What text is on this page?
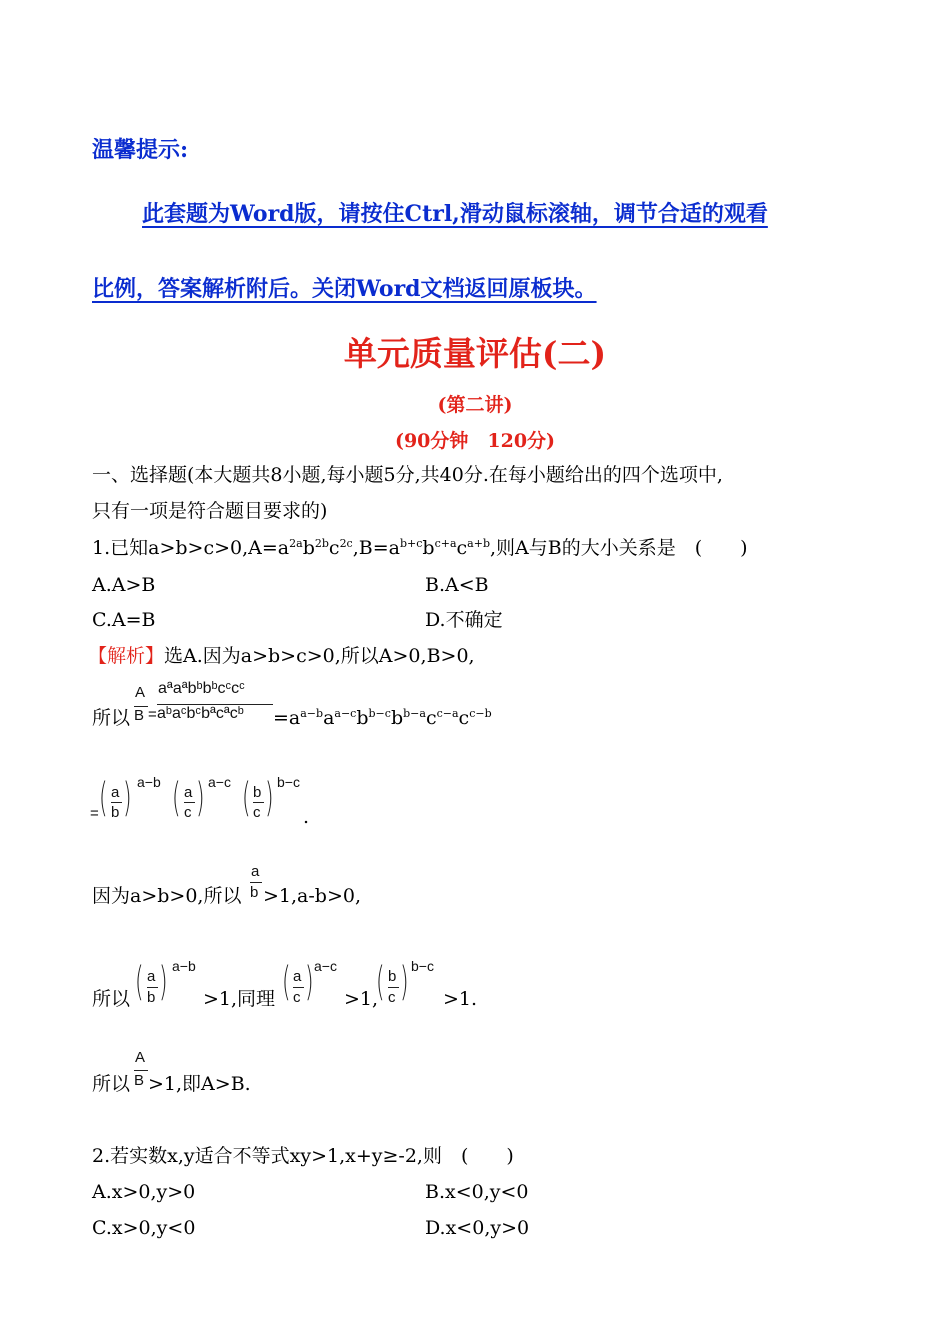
温馨提示:
此套题为Word版，请按住Ctrl,滑动鼠标滚轴，调节合适的观看
比例，答案解析附后。关闭Word文档返回原板块。
单元质量评估(二)
(第二讲)
(90分钟　120分)
一、选择题(本大题共8小题,每小题5分,共40分.在每小题给出的四个选项中,
只有一项是符合题目要求的)
1.已知$a>b>c>0,A=a^{2a}b^{2b}c^{2c},B=a^{b+c}b^{c+a}c^{a+b}$,则A与B的大小关系是　(　　)
A.A>B	B.A<B
C.A=B	D.不确定
【解析】选A.因为a>b>c>0,所以A>0,B>0,
所以
A
B =
aªaªbᵇbᵇcᶜcᶜ
aᵇaᶜbᶜbªcªcᵇ	$=a^{a-b}a^{a-c}b^{b-c}b^{b-a}c^{c-a}c^{c-b}$
= ( a
b ) a−b ( a
c ) a−c ( b
c ) b−c
.
因为a>b>0,所以
a
b >1,a-b>0,
所以 ( a
b ) a−b
>1,同理 ( a
c ) a−c
>1,
( b
c ) b−c
>1.
所以
A
B >1,即A>B.
2.若实数x,y适合不等式xy>1,x+y≥-2,则　(　　)
A.x>0,y>0	B.x<0,y<0
C.x>0,y<0	D.x<0,y>0
